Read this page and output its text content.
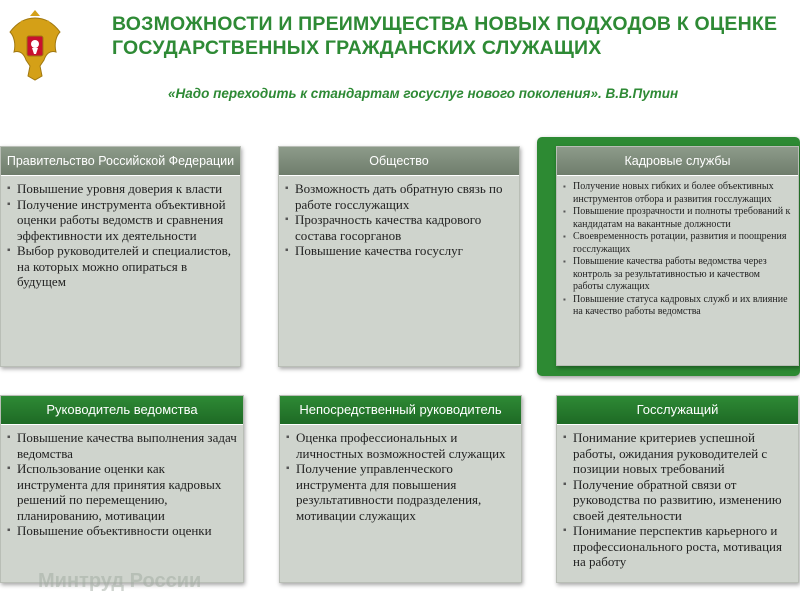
ВОЗМОЖНОСТИ И ПРЕИМУЩЕСТВА НОВЫХ ПОДХОДОВ К ОЦЕНКЕ ГОСУДАРСТВЕННЫХ ГРАЖДАНСКИХ СЛУЖАЩИХ
«Надо переходить к стандартам госуслуг нового поколения». В.В.Путин
Правительство Российской Федерации
▪ Повышение уровня доверия к власти
▪ Получение инструмента объективной оценки работы ведомств и сравнения эффективности их деятельности
▪ Выбор руководителей и специалистов, на которых можно опираться в будущем
Общество
▪ Возможность дать обратную связь по работе госслужащих
▪ Прозрачность качества кадрового состава госорганов
▪ Повышение качества госуслуг
Кадровые службы
▪ Получение новых гибких и более объективных инструментов отбора и развития госслужащих
▪ Повышение прозрачности и полноты требований к кандидатам на вакантные должности
▪ Своевременность ротации, развития и поощрения госслужащих
▪ Повышение качества работы ведомства через контроль за результативностью и качеством работы служащих
▪ Повышение статуса кадровых служб и их влияние на качество работы ведомства
Руководитель ведомства
▪ Повышение качества выполнения задач ведомства
▪ Использование оценки как инструмента для принятия кадровых решений по перемещению, планированию, мотивации
▪ Повышение объективности оценки
Непосредственный руководитель
▪ Оценка профессиональных и личностных возможностей служащих
▪ Получение управленческого инструмента для повышения результативности подразделения, мотивации служащих
Госслужащий
▪ Понимание критериев успешной работы, ожидания руководителей с позиции новых требований
▪ Получение обратной связи от руководства по развитию, изменению своей деятельности
▪ Понимание перспектив карьерного и профессионального роста, мотивация на работу
Минтруд России
